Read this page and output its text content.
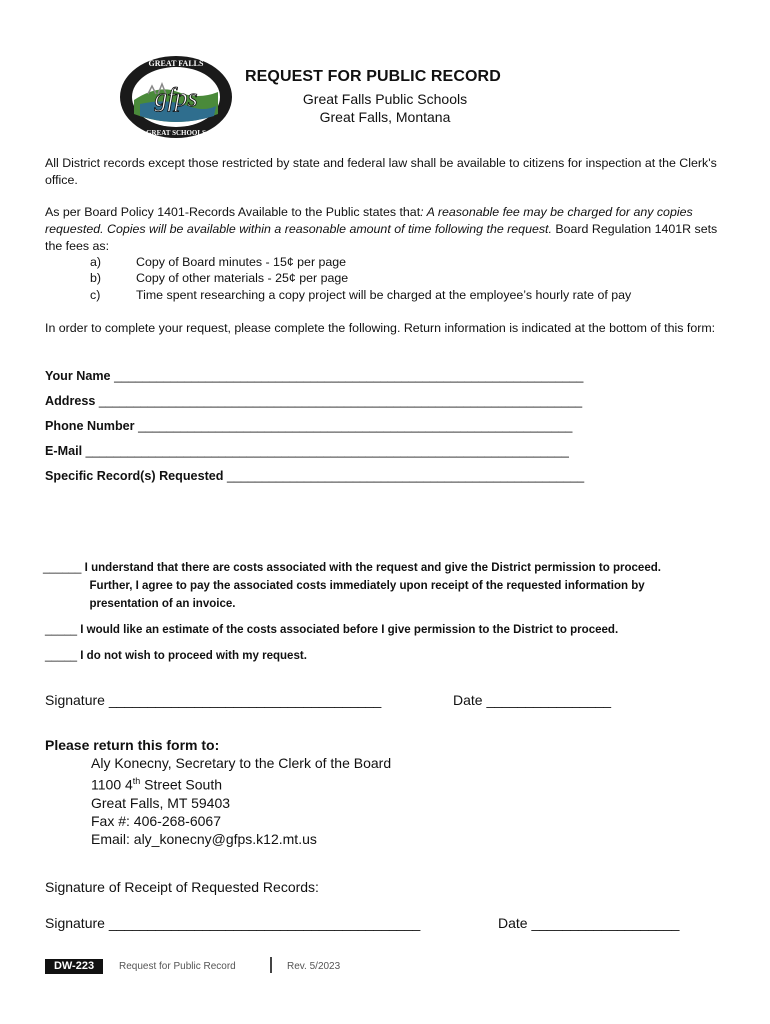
gfps
GREAT FALLS
GREAT SCHOOLS
REQUEST FOR PUBLIC RECORD
Great Falls Public Schools
Great Falls, Montana

All District records except those restricted by state and federal law shall be available to citizens for inspection at the Clerk's office.

As per Board Policy 1401-Records Available to the Public states that: A reasonable fee may be charged for any copies requested. Copies will be available within a reasonable amount of time following the request. Board Regulation 1401R sets the fees as:

a)	Copy of Board minutes - 15¢ per page
b)	Copy of other materials - 25¢ per page
c)	Time spent researching a copy project will be charged at the employee’s hourly rate of pay

In order to complete your request, please complete the following. Return information is indicated at the bottom of this form:

Your Name ___________________________________________________________________
Address _____________________________________________________________________
Phone Number ______________________________________________________________
E-Mail _____________________________________________________________________
Specific Record(s) Requested ___________________________________________________
______ I understand that there are costs associated with the request and give the District permission to proceed.
Further, I agree to pay the associated costs immediately upon receipt of the requested information by
presentation of an invoice.
_____ I would like an estimate of the costs associated before I give permission to the District to proceed.
_____ I do not wish to proceed with my request.
Signature ___________________________________	Date ________________
Please return this form to:
Aly Konecny, Secretary to the Clerk of the Board
1100 4th Street South
Great Falls, MT 59403
Fax #: 406-268-6067
Email: aly_konecny@gfps.k12.mt.us
Signature of Receipt of Requested Records:
Signature ________________________________________	Date ___________________
DW-223	Request for Public Record	Rev. 5/2023
